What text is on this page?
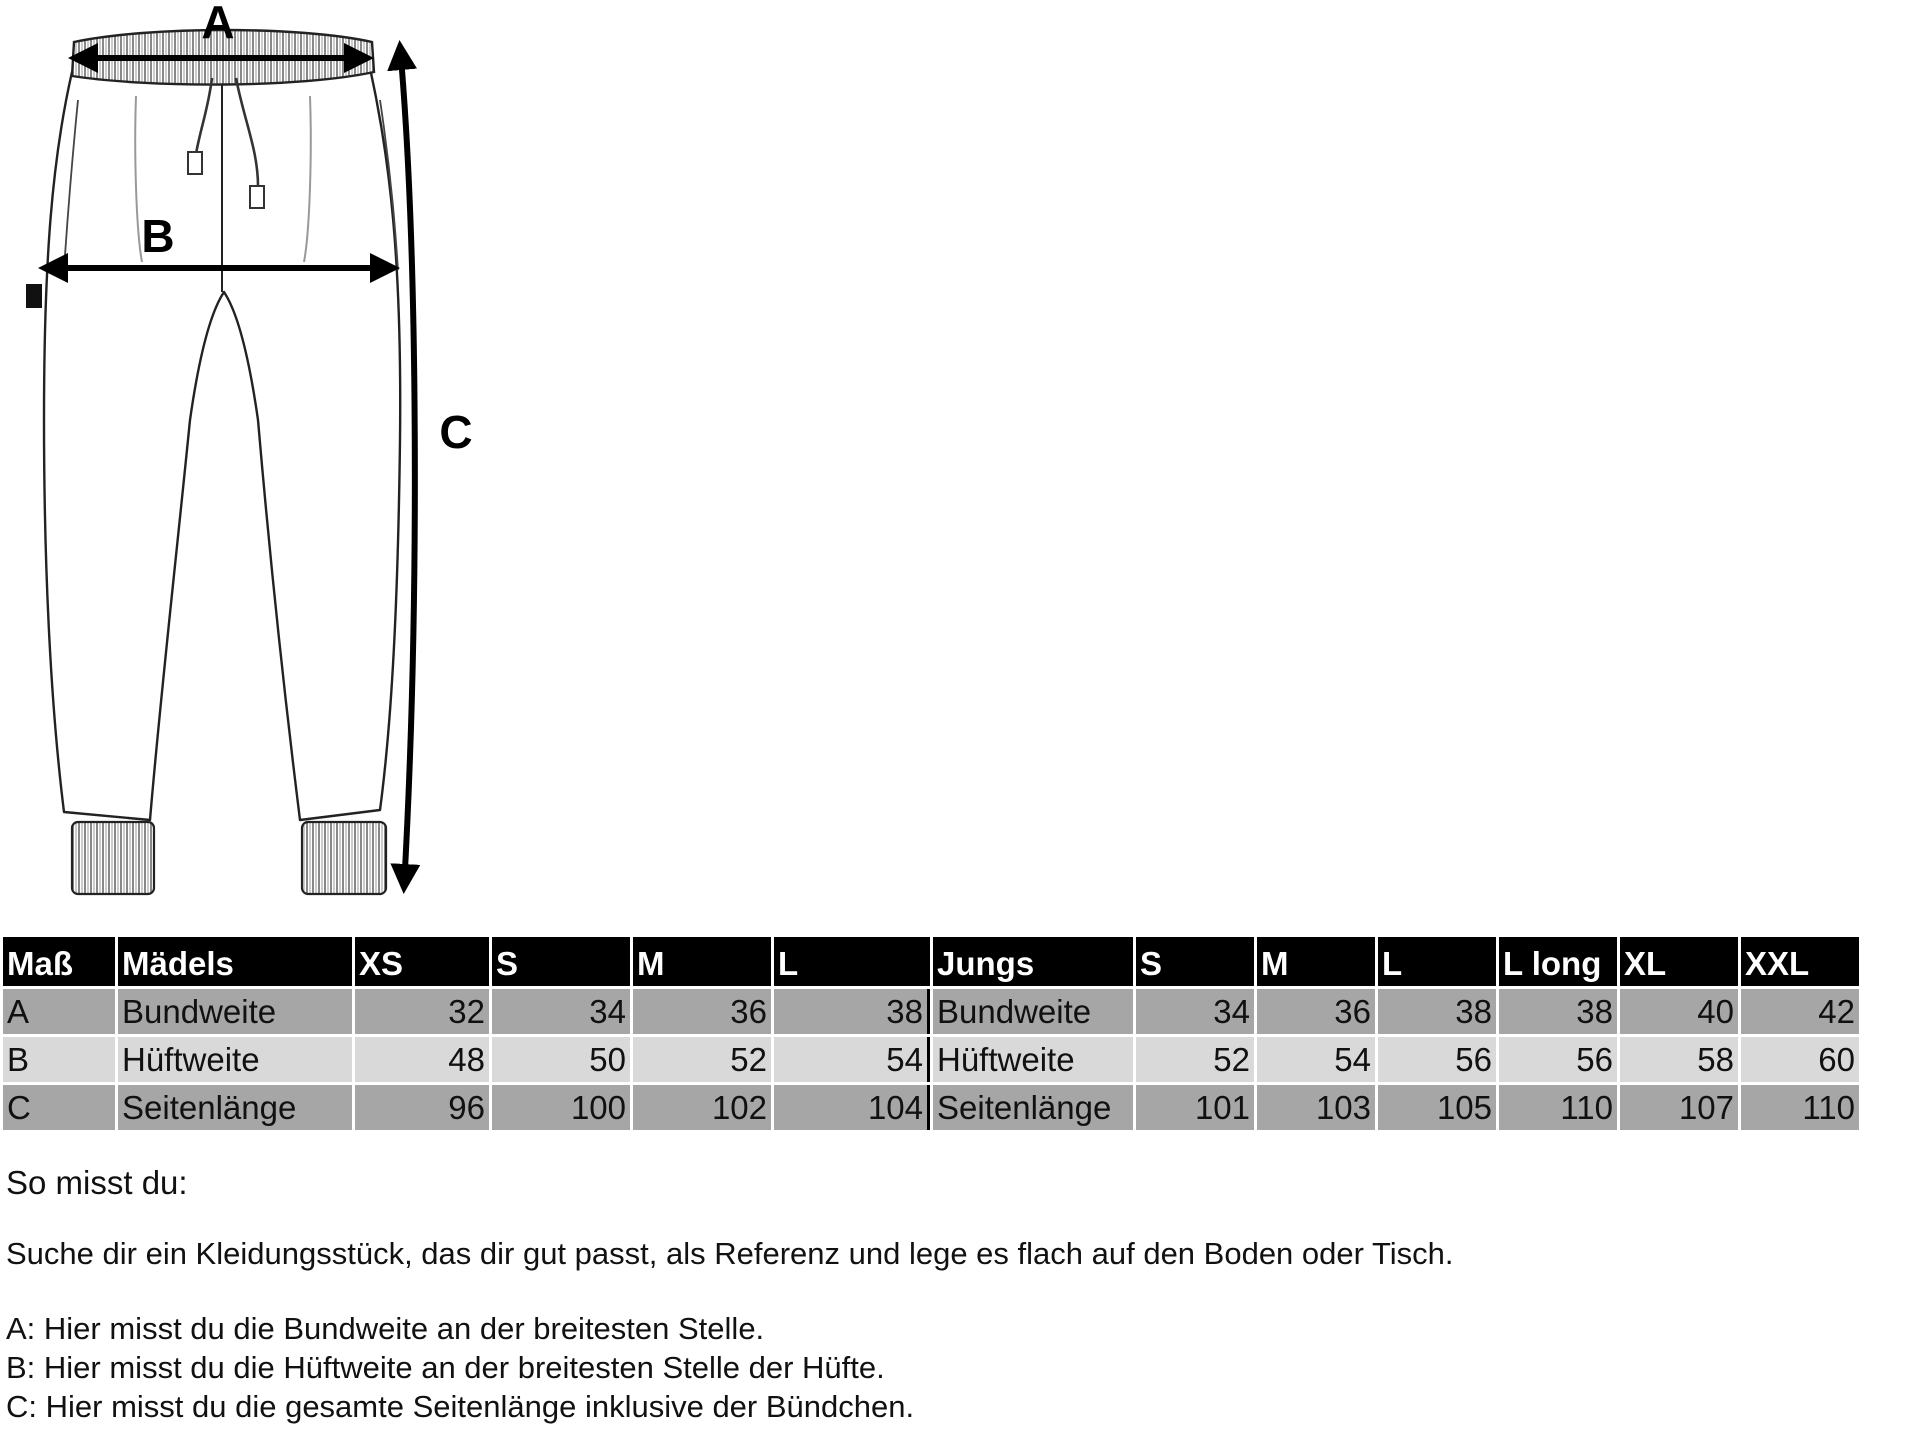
A
B
C
Maß	Mädels	XS	S	M	L	Jungs	S	M	L	L long	XL	XXL
A	Bundweite	32	34	36	38	Bundweite	34	36	38	38	40	42
B	Hüftweite	48	50	52	54	Hüftweite	52	54	56	56	58	60
C	Seitenlänge	96	100	102	104	Seitenlänge	101	103	105	110	107	110

So misst du:

Suche dir ein Kleidungsstück, das dir gut passt, als Referenz und lege es flach auf den Boden oder Tisch.

A: Hier misst du die Bundweite an der breitesten Stelle.

B: Hier misst du die Hüftweite an der breitesten Stelle der Hüfte.

C: Hier misst du die gesamte Seitenlänge inklusive der Bündchen.
